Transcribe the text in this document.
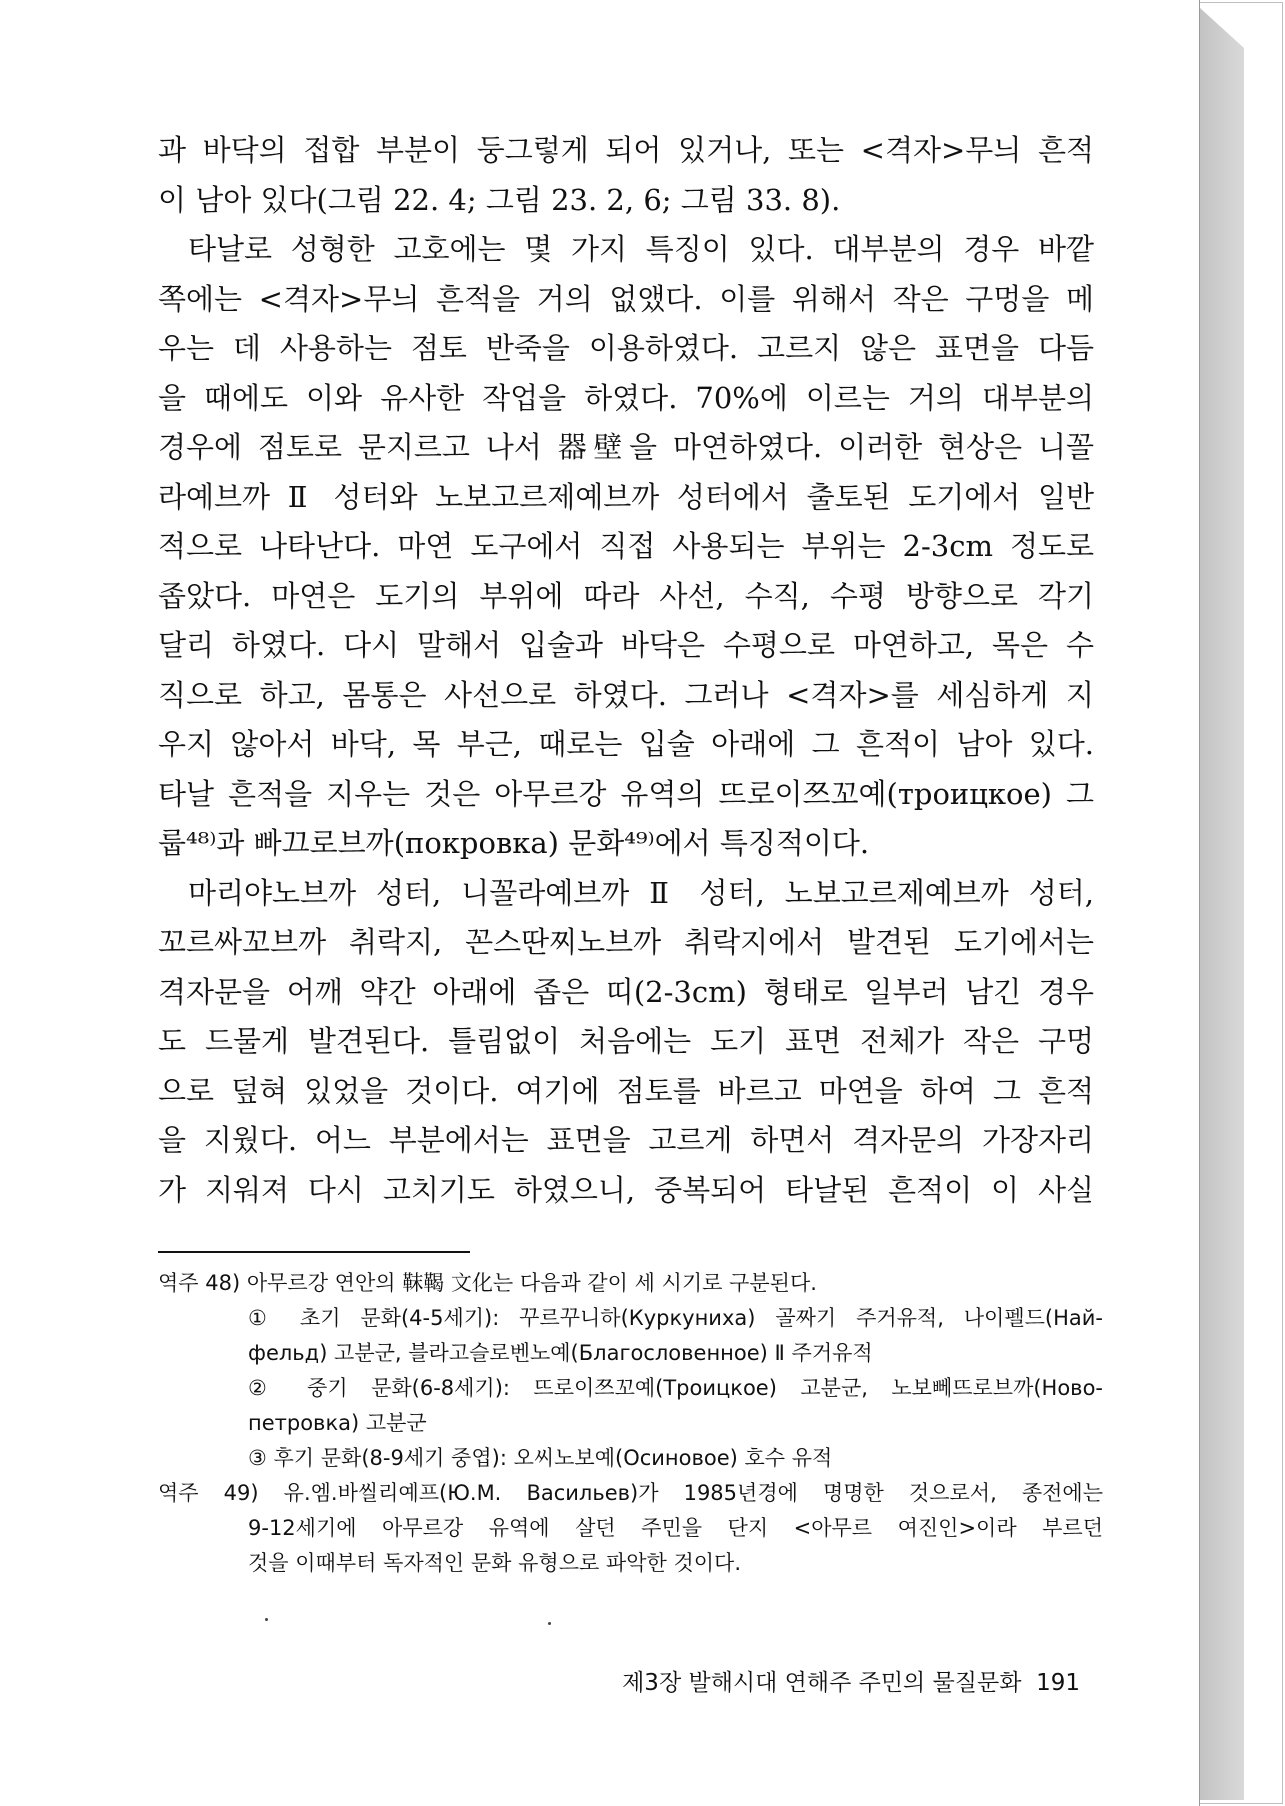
과 바닥의 접합 부분이 둥그렇게 되어 있거나, 또는 <격자>무늬 흔적
이 남아 있다(그림 22. 4; 그림 23. 2, 6; 그림 33. 8).
타날로 성형한 고호에는 몇 가지 특징이 있다. 대부분의 경우 바깥
쪽에는 <격자>무늬 흔적을 거의 없앴다. 이를 위해서 작은 구멍을 메
우는 데 사용하는 점토 반죽을 이용하였다. 고르지 않은 표면을 다듬
을 때에도 이와 유사한 작업을 하였다. 70%에 이르는 거의 대부분의
경우에 점토로 문지르고 나서 器壁을 마연하였다. 이러한 현상은 니꼴
라예브까 Ⅱ 성터와 노보고르제예브까 성터에서 출토된 도기에서 일반
적으로 나타난다. 마연 도구에서 직접 사용되는 부위는 2-3cm 정도로
좁았다. 마연은 도기의 부위에 따라 사선, 수직, 수평 방향으로 각기
달리 하였다. 다시 말해서 입술과 바닥은 수평으로 마연하고, 목은 수
직으로 하고, 몸통은 사선으로 하였다. 그러나 <격자>를 세심하게 지
우지 않아서 바닥, 목 부근, 때로는 입술 아래에 그 흔적이 남아 있다.
타날 흔적을 지우는 것은 아무르강 유역의 뜨로이쯔꼬예(троицкое) 그
룹⁴⁸⁾과 빠끄로브까(покровка) 문화⁴⁹⁾에서 특징적이다.
마리야노브까 성터, 니꼴라예브까 Ⅱ 성터, 노보고르제예브까 성터,
꼬르싸꼬브까 취락지, 꼰스딴찌노브까 취락지에서 발견된 도기에서는
격자문을 어깨 약간 아래에 좁은 띠(2-3cm) 형태로 일부러 남긴 경우
도 드물게 발견된다. 틀림없이 처음에는 도기 표면 전체가 작은 구멍
으로 덮혀 있었을 것이다. 여기에 점토를 바르고 마연을 하여 그 흔적
을 지웠다. 어느 부분에서는 표면을 고르게 하면서 격자문의 가장자리
가 지워져 다시 고치기도 하였으니, 중복되어 타날된 흔적이 이 사실
역주 48) 아무르강 연안의 靺鞨 文化는 다음과 같이 세 시기로 구분된다.
① 초기 문화(4-5세기): 꾸르꾸니하(Куркуниха) 골짜기 주거유적, 나이펠드(Най-
фельд) 고분군, 블라고슬로벤노예(Благословенное) Ⅱ 주거유적
② 중기 문화(6-8세기): 뜨로이쯔꼬예(Троицкое) 고분군, 노보뻬뜨로브까(Ново-
петровка) 고분군
③ 후기 문화(8-9세기 중엽): 오씨노보예(Осиновое) 호수 유적
역주 49) 유.엠.바씰리예프(Ю.М. Васильев)가 1985년경에 명명한 것으로서, 종전에는
9-12세기에 아무르강 유역에 살던 주민을 단지 <아무르 여진인>이라 부르던
것을 이때부터 독자적인 문화 유형으로 파악한 것이다.
제3장 발해시대 연해주 주민의 물질문화 191
